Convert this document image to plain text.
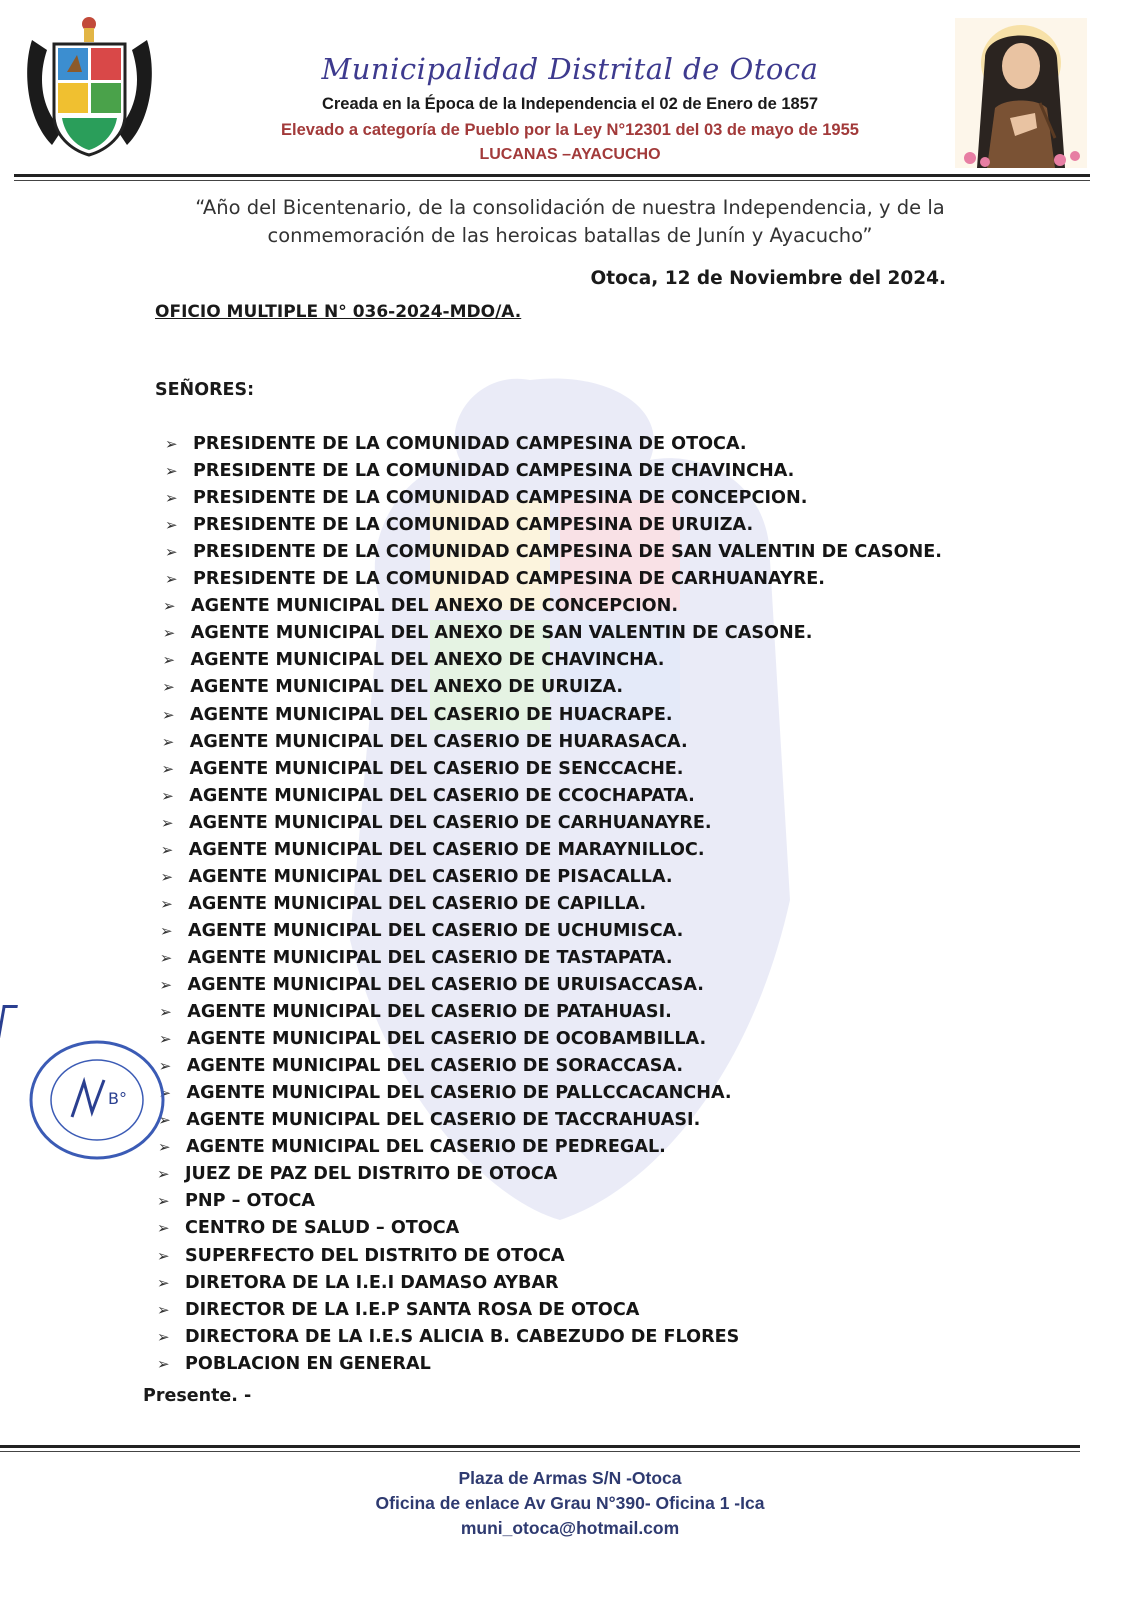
Municipalidad Distrital de Otoca
Creada en la Época de la Independencia el 02 de Enero de 1857
Elevado a categoría de Pueblo por la Ley N°12301 del 03 de mayo de 1955
LUCANAS –AYACUCHO
“Año del Bicentenario, de la consolidación de nuestra Independencia, y de la
conmemoración de las heroicas batallas de Junín y Ayacucho”
Otoca, 12 de Noviembre del 2024.
OFICIO MULTIPLE N° 036-2024-MDO/A.
SEÑORES:
➢ PRESIDENTE DE LA COMUNIDAD CAMPESINA DE OTOCA.
➢ PRESIDENTE DE LA COMUNIDAD CAMPESINA DE CHAVINCHA.
➢ PRESIDENTE DE LA COMUNIDAD CAMPESINA DE CONCEPCION.
➢ PRESIDENTE DE LA COMUNIDAD CAMPESINA DE URUIZA.
➢ PRESIDENTE DE LA COMUNIDAD CAMPESINA DE SAN VALENTIN DE CASONE.
➢ PRESIDENTE DE LA COMUNIDAD CAMPESINA DE CARHUANAYRE.
➢ AGENTE MUNICIPAL DEL ANEXO DE CONCEPCION.
➢ AGENTE MUNICIPAL DEL ANEXO DE SAN VALENTIN DE CASONE.
➢ AGENTE MUNICIPAL DEL ANEXO DE CHAVINCHA.
➢ AGENTE MUNICIPAL DEL ANEXO DE URUIZA.
➢ AGENTE MUNICIPAL DEL CASERIO DE HUACRAPE.
➢ AGENTE MUNICIPAL DEL CASERIO DE HUARASACA.
➢ AGENTE MUNICIPAL DEL CASERIO DE SENCCACHE.
➢ AGENTE MUNICIPAL DEL CASERIO DE CCOCHAPATA.
➢ AGENTE MUNICIPAL DEL CASERIO DE CARHUANAYRE.
➢ AGENTE MUNICIPAL DEL CASERIO DE MARAYNILLOC.
➢ AGENTE MUNICIPAL DEL CASERIO DE PISACALLA.
➢ AGENTE MUNICIPAL DEL CASERIO DE CAPILLA.
➢ AGENTE MUNICIPAL DEL CASERIO DE UCHUMISCA.
➢ AGENTE MUNICIPAL DEL CASERIO DE TASTAPATA.
➢ AGENTE MUNICIPAL DEL CASERIO DE URUISACCASA.
➢ AGENTE MUNICIPAL DEL CASERIO DE PATAHUASI.
➢ AGENTE MUNICIPAL DEL CASERIO DE OCOBAMBILLA.
➢ AGENTE MUNICIPAL DEL CASERIO DE SORACCASA.
➢ AGENTE MUNICIPAL DEL CASERIO DE PALLCCACANCHA.
➢ AGENTE MUNICIPAL DEL CASERIO DE TACCRAHUASI.
➢ AGENTE MUNICIPAL DEL CASERIO DE PEDREGAL.
➢ JUEZ DE PAZ DEL DISTRITO DE OTOCA
➢ PNP – OTOCA
➢ CENTRO DE SALUD – OTOCA
➢ SUPERFECTO DEL DISTRITO DE OTOCA
➢ DIRETORA DE LA I.E.I DAMASO AYBAR
➢ DIRECTOR DE LA I.E.P SANTA ROSA DE OTOCA
➢ DIRECTORA DE LA I.E.S ALICIA B. CABEZUDO DE FLORES
➢ POBLACION EN GENERAL
Presente. -
B°
Plaza de Armas S/N -Otoca
Oficina de enlace Av Grau N°390- Oficina 1 -Ica
muni_otoca@hotmail.com
